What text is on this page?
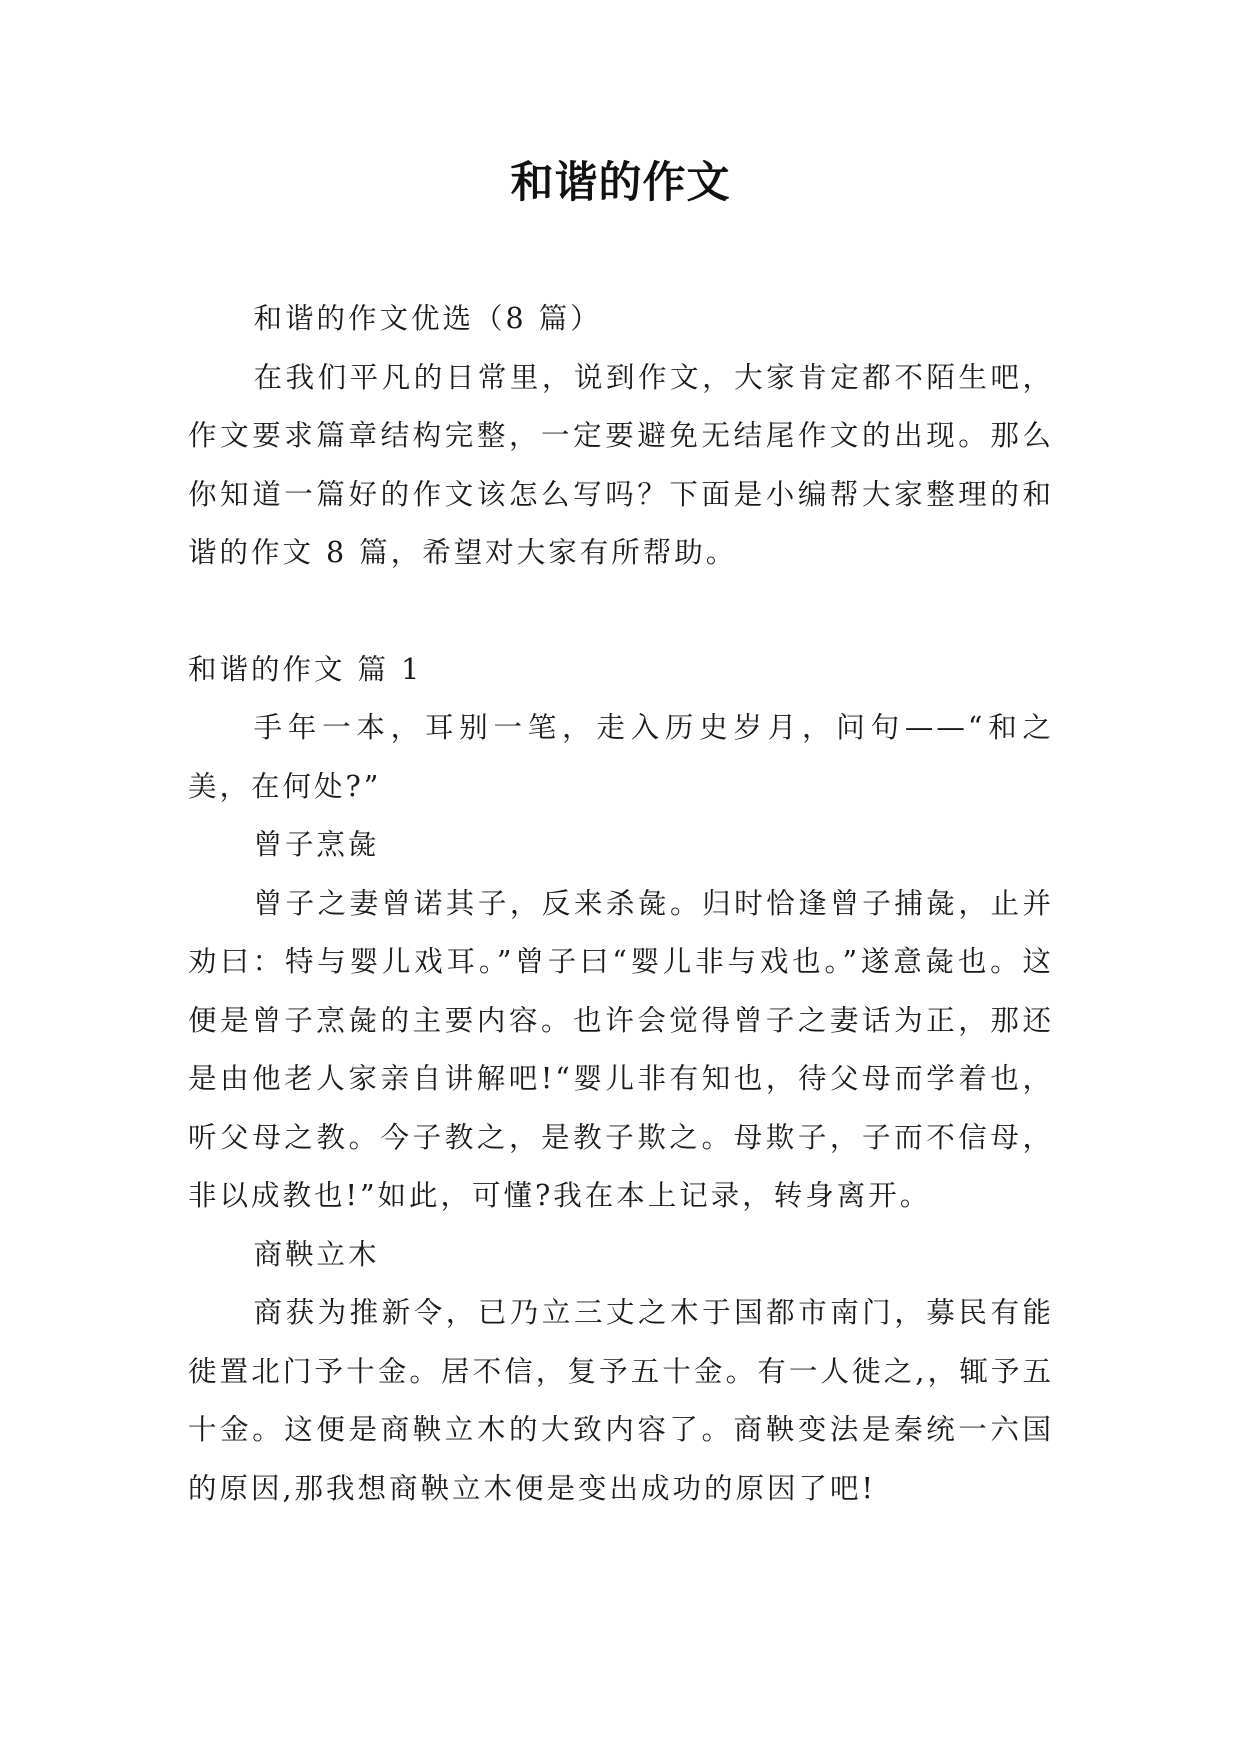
和谐的作文

和谐的作文优选（8 篇）

在我们平凡的日常里，说到作文，大家肯定都不陌生吧，作文要求篇章结构完整，一定要避免无结尾作文的出现。那么你知道一篇好的作文该怎么写吗？下面是小编帮大家整理的和谐的作文 8 篇，希望对大家有所帮助。

和谐的作文 篇 1

手年一本，耳别一笔，走入历史岁月，问句——“和之美，在何处?”

曾子烹彘

曾子之妻曾诺其子，反来杀彘。归时恰逢曾子捕彘，止并劝曰：特与婴儿戏耳。”曾子曰“婴儿非与戏也。”遂意彘也。这便是曾子烹彘的主要内容。也许会觉得曾子之妻话为正，那还是由他老人家亲自讲解吧!“婴儿非有知也，待父母而学着也，听父母之教。今子教之，是教子欺之。母欺子，子而不信母，非以成教也!”如此，可懂?我在本上记录，转身离开。

商鞅立木

商获为推新令，已乃立三丈之木于国都市南门，募民有能徙置北门予十金。居不信，复予五十金。有一人徙之,，辄予五十金。这便是商鞅立木的大致内容了。商鞅变法是秦统一六国的原因,那我想商鞅立木便是变出成功的原因了吧!
